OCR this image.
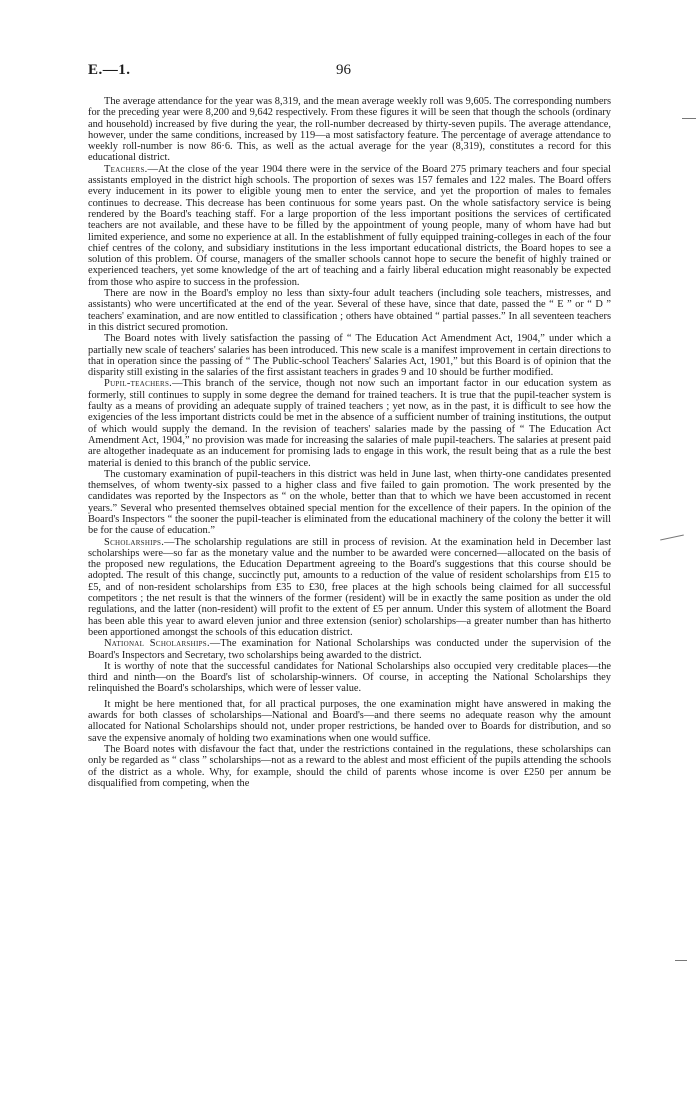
E.—1.	96

The average attendance for the year was 8,319, and the mean average weekly roll was 9,605. The corresponding numbers for the preceding year were 8,200 and 9,642 respectively. From these figures it will be seen that though the schools (ordinary and household) increased by five during the year, the roll-number decreased by thirty-seven pupils. The average attendance, however, under the same conditions, increased by 119—a most satisfactory feature. The percentage of average attendance to weekly roll-number is now 86·6. This, as well as the actual average for the year (8,319), constitutes a record for this educational district.

Teachers.—At the close of the year 1904 there were in the service of the Board 275 primary teachers and four special assistants employed in the district high schools. The proportion of sexes was 157 females and 122 males. The Board offers every inducement in its power to eligible young men to enter the service, and yet the proportion of males to females continues to decrease. This decrease has been continuous for some years past. On the whole satisfactory service is being rendered by the Board's teaching staff. For a large proportion of the less important positions the services of certificated teachers are not available, and these have to be filled by the appointment of young people, many of whom have had but limited experience, and some no experience at all. In the establishment of fully equipped training-colleges in each of the four chief centres of the colony, and subsidiary institutions in the less important educational districts, the Board hopes to see a solution of this problem. Of course, managers of the smaller schools cannot hope to secure the benefit of highly trained or experienced teachers, yet some knowledge of the art of teaching and a fairly liberal education might reasonably be expected from those who aspire to success in the profession.

There are now in the Board's employ no less than sixty-four adult teachers (including sole teachers, mistresses, and assistants) who were uncertificated at the end of the year. Several of these have, since that date, passed the “ E ” or “ D ” teachers' examination, and are now entitled to classification ; others have obtained “ partial passes.” In all seventeen teachers in this district secured promotion.

The Board notes with lively satisfaction the passing of “ The Education Act Amendment Act, 1904,” under which a partially new scale of teachers' salaries has been introduced. This new scale is a manifest improvement in certain directions to that in operation since the passing of “ The Public-school Teachers' Salaries Act, 1901,” but this Board is of opinion that the disparity still existing in the salaries of the first assistant teachers in grades 9 and 10 should be further modified.

Pupil-teachers.—This branch of the service, though not now such an important factor in our education system as formerly, still continues to supply in some degree the demand for trained teachers. It is true that the pupil-teacher system is faulty as a means of providing an adequate supply of trained teachers ; yet now, as in the past, it is difficult to see how the exigencies of the less important districts could be met in the absence of a sufficient number of training institutions, the output of which would supply the demand. In the revision of teachers' salaries made by the passing of “ The Education Act Amendment Act, 1904,” no provision was made for increasing the salaries of male pupil-teachers. The salaries at present paid are altogether inadequate as an inducement for promising lads to engage in this work, the result being that as a rule the best material is denied to this branch of the public service.

The customary examination of pupil-teachers in this district was held in June last, when thirty-one candidates presented themselves, of whom twenty-six passed to a higher class and five failed to gain promotion. The work presented by the candidates was reported by the Inspectors as “ on the whole, better than that to which we have been accustomed in recent years.” Several who presented themselves obtained special mention for the excellence of their papers. In the opinion of the Board's Inspectors “ the sooner the pupil-teacher is eliminated from the educational machinery of the colony the better it will be for the cause of education.”

Scholarships.—The scholarship regulations are still in process of revision. At the examination held in December last scholarships were—so far as the monetary value and the number to be awarded were concerned—allocated on the basis of the proposed new regulations, the Education Department agreeing to the Board's suggestions that this course should be adopted. The result of this change, succinctly put, amounts to a reduction of the value of resident scholarships from £15 to £5, and of non-resident scholarships from £35 to £30, free places at the high schools being claimed for all successful competitors ; the net result is that the winners of the former (resident) will be in exactly the same position as under the old regulations, and the latter (non-resident) will profit to the extent of £5 per annum. Under this system of allotment the Board has been able this year to award eleven junior and three extension (senior) scholarships—a greater number than has hitherto been apportioned amongst the schools of this education district.

National Scholarships.—The examination for National Scholarships was conducted under the supervision of the Board's Inspectors and Secretary, two scholarships being awarded to the district.

It is worthy of note that the successful candidates for National Scholarships also occupied very creditable places—the third and ninth—on the Board's list of scholarship-winners. Of course, in accepting the National Scholarships they relinquished the Board's scholarships, which were of lesser value.

It might be here mentioned that, for all practical purposes, the one examination might have answered in making the awards for both classes of scholarships—National and Board's—and there seems no adequate reason why the amount allocated for National Scholarships should not, under proper restrictions, be handed over to Boards for distribution, and so save the expensive anomaly of holding two examinations when one would suffice.

The Board notes with disfavour the fact that, under the restrictions contained in the regulations, these scholarships can only be regarded as “ class ” scholarships—not as a reward to the ablest and most efficient of the pupils attending the schools of the district as a whole. Why, for example, should the child of parents whose income is over £250 per annum be disqualified from competing, when the
